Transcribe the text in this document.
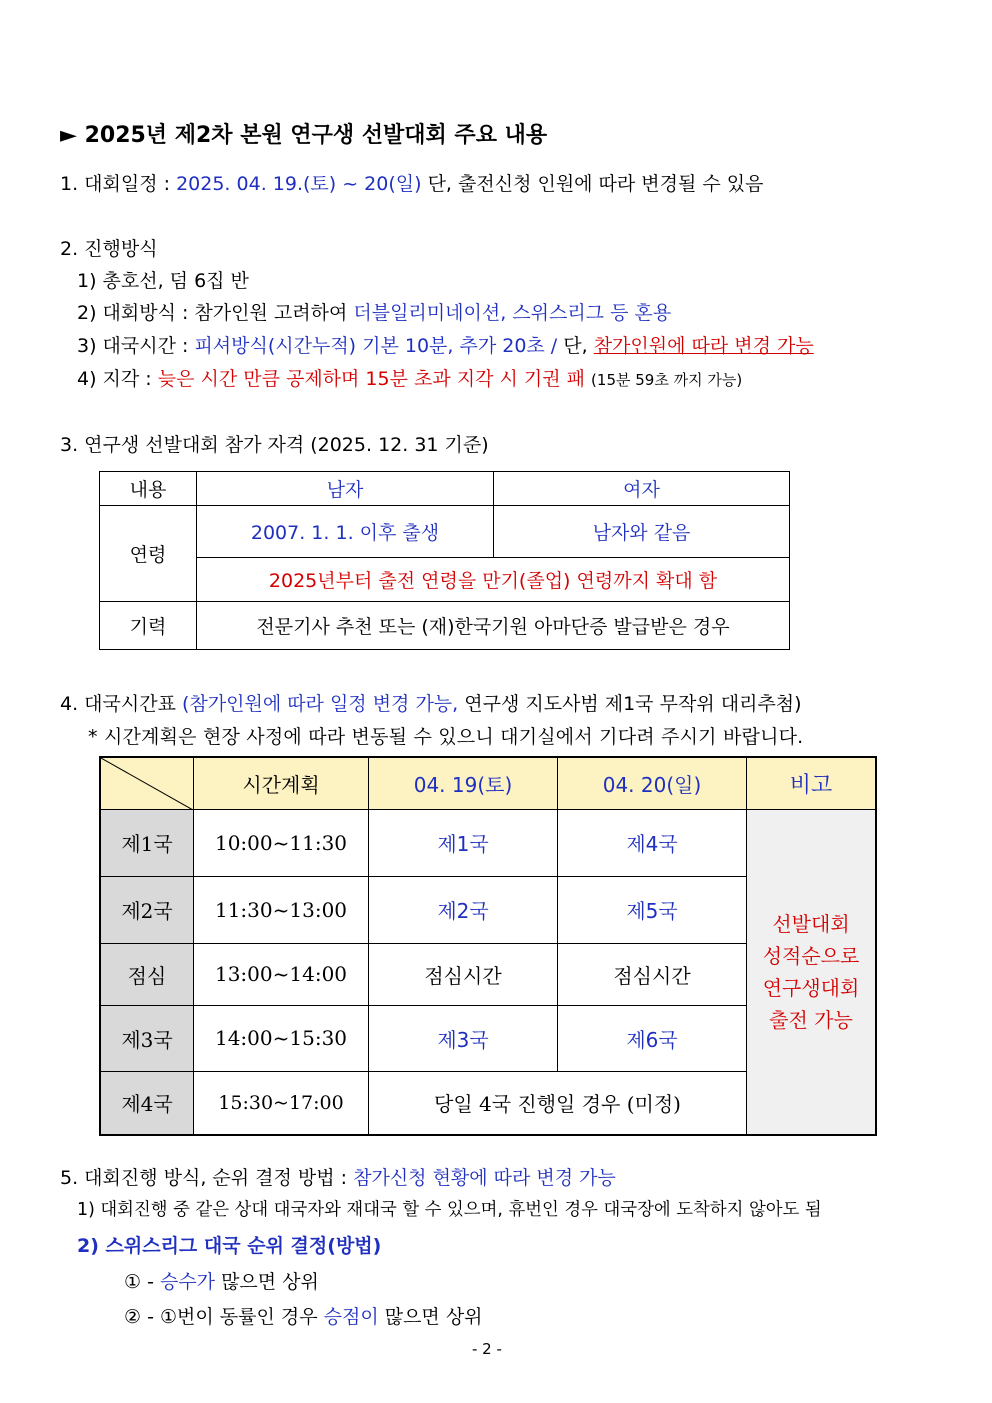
► 2025년 제2차 본원 연구생 선발대회 주요 내용
1. 대회일정 : 2025. 04. 19.(토) ~ 20(일) 단, 출전신청 인원에 따라 변경될 수 있음
2. 진행방식
1) 총호선, 덤 6집 반
2) 대회방식 : 참가인원 고려하여 더블일리미네이션, 스위스리그 등 혼용
3) 대국시간 : 피셔방식(시간누적) 기본 10분, 추가 20초 / 단, 참가인원에 따라 변경 가능
4) 지각 : 늦은 시간 만큼 공제하며 15분 초과 지각 시 기권 패 (15분 59초 까지 가능)
3. 연구생 선발대회 참가 자격 (2025. 12. 31 기준)
내용	남자	여자
연령	2007. 1. 1. 이후 출생	남자와 같음
	2025년부터 출전 연령을 만기(졸업) 연령까지 확대 함	
기력	전문기사 추천 또는 (재)한국기원 아마단증 발급받은 경우	
4. 대국시간표 (참가인원에 따라 일정 변경 가능, 연구생 지도사범 제1국 무작위 대리추첨)
* 시간계획은 현장 사정에 따라 변동될 수 있으니 대기실에서 기다려 주시기 바랍니다.
	시간계획	04. 19(토)	04. 20(일)	비고
제1국	10:00~11:30	제1국	제4국	선발대회
성적순으로
연구생대회
출전 가능

제2국	11:30~13:00	제2국	제5국	
점심	13:00~14:00	점심시간	점심시간	
제3국	14:00~15:30	제3국	제6국	
제4국	15:30~17:00	당일 4국 진행일 경우 (미정)		
5. 대회진행 방식, 순위 결정 방법 : 참가신청 현황에 따라 변경 가능
1) 대회진행 중 같은 상대 대국자와 재대국 할 수 있으며, 휴번인 경우 대국장에 도착하지 않아도 됨
2) 스위스리그 대국 순위 결정(방법)
① - 승수가 많으면 상위
② - ①번이 동률인 경우 승점이 많으면 상위
- 2 -
